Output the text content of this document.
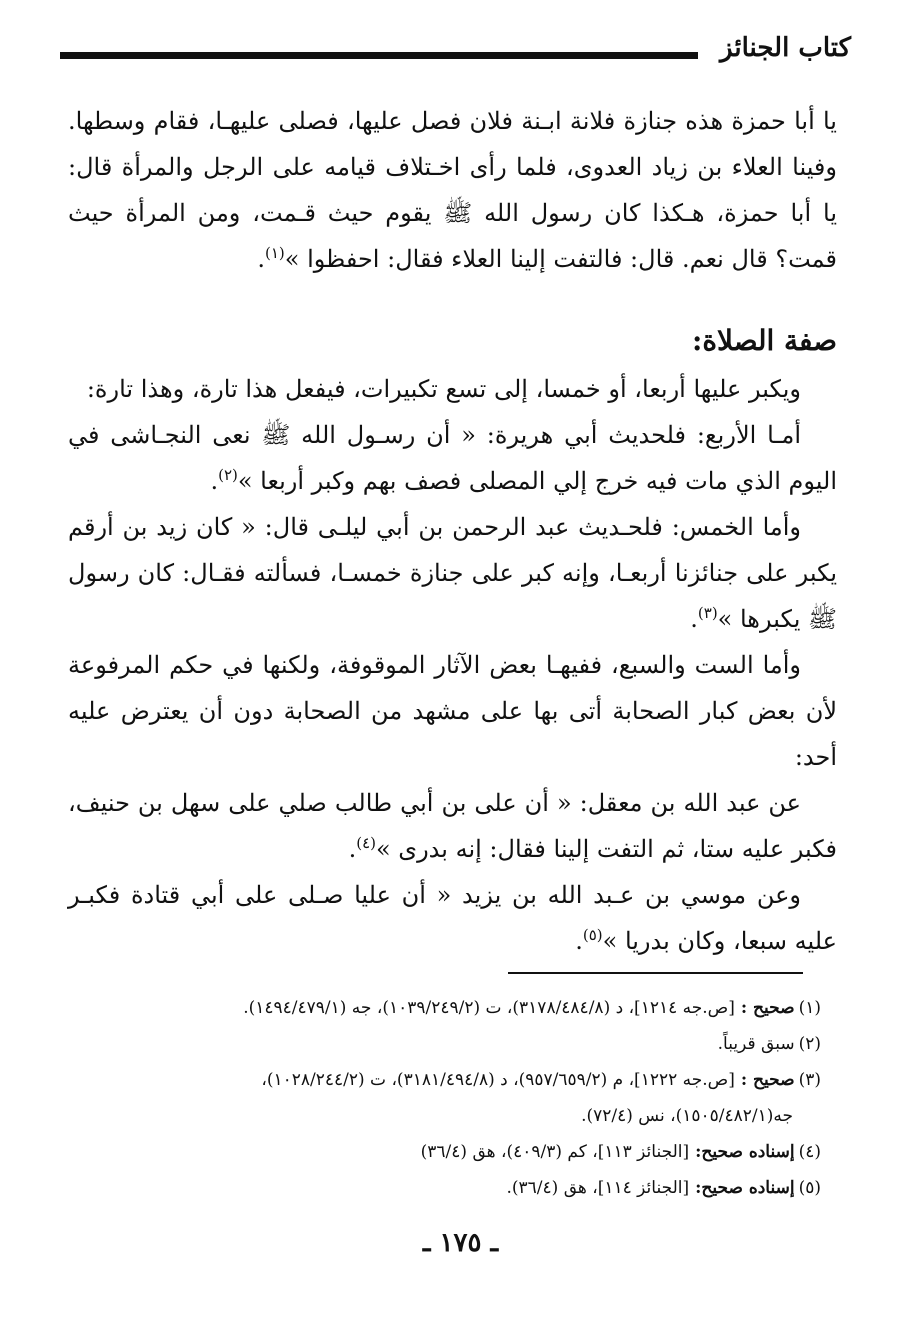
كتاب الجنائز

يا أبا حمزة هذه جنازة فلانة ابـنة فلان فصل عليها، فصلى عليهـا، فقام وسطها. وفينا العلاء بن زياد العدوى، فلما رأى اخـتلاف قيامه على الرجل والمرأة قال: يا أبا حمزة، هـكذا كان رسول الله ﷺ يقوم حيث قـمت، ومن المرأة حيث قمت؟ قال نعم. قال: فالتفت إلينا العلاء فقال: احفظوا »$^{(١)}$.

صفة الصلاة:

ويكبر عليها أربعا، أو خمسا، إلى تسع تكبيرات، فيفعل هذا تارة، وهذا تارة:

أمـا الأربع: فلحديث أبي هريرة: « أن رسـول الله ﷺ نعى النجـاشى في اليوم الذي مات فيه خرج إلي المصلى فصف بهم وكبر أربعا »$^{(٢)}$.

وأما الخمس: فلحـديث عبد الرحمن بن أبي ليلـى قال: « كان زيد بن أرقم يكبر على جنائزنا أربعـا، وإنه كبر على جنازة خمسـا، فسألته فقـال: كان رسول ﷺ يكبرها »$^{(٣)}$.

وأما الست والسبع، ففيهـا بعض الآثار الموقوفة، ولكنها في حكم المرفوعة لأن بعض كبار الصحابة أتى بها على مشهد من الصحابة دون أن يعترض عليه أحد:

عن عبد الله بن معقل: « أن على بن أبي طالب صلي على سهل بن حنيف، فكبر عليه ستا، ثم التفت إلينا فقال: إنه بدرى »$^{(٤)}$.

وعن موسي بن عـبد الله بن يزيد « أن عليا صـلى على أبي قتادة فكبـر عليه سبعا، وكان بدريا »$^{(٥)}$.

(١)صحيح :[ص.جه ١٢١٤]، د (٣١٧٨/٤٨٤/٨)، ت (١٠٣٩/٢٤٩/٢)، جه (١٤٩٤/٤٧٩/١).

(٢)سبق قريباً.

(٣)صحيح :[ص.جه ١٢٢٢]، م (٩٥٧/٦٥٩/٢)، د (٣١٨١/٤٩٤/٨)، ت (١٠٢٨/٢٤٤/٢)،

جه(١٥٠٥/٤٨٢/١)، نس (٧٢/٤).

(٤)إسناده صحيح:[الجنائز ١١٣]، كم (٤٠٩/٣)، هق (٣٦/٤)

(٥)إسناده صحيح:[الجنائز ١١٤]، هق (٣٦/٤).

ـ ١٧٥ ـ
